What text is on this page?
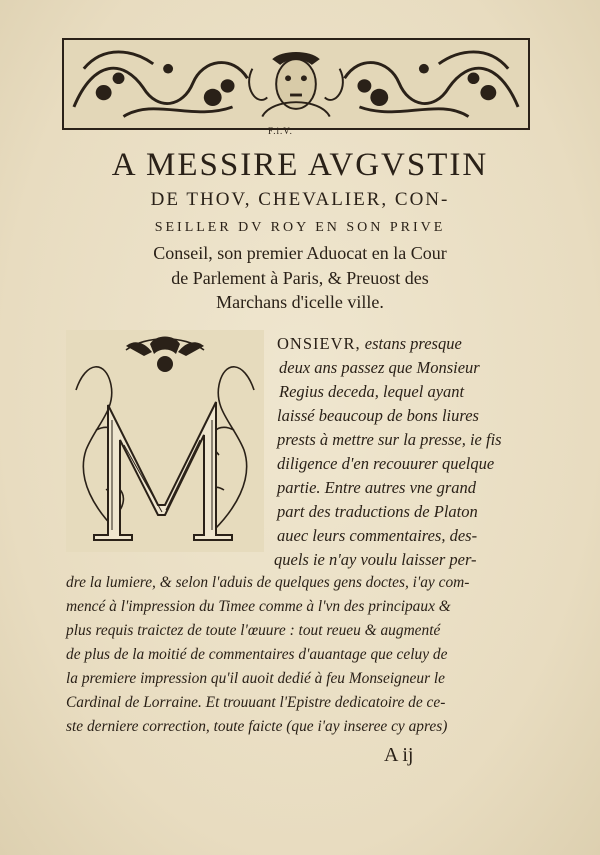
F.i.V.
A MESSIRE AVGVSTIN
DE THOV, CHEVALIER, CON-
SEILLER DV ROY EN SON PRIVE
Conseil, son premier Aduocat en la Cour
de Parlement à Paris, & Preuost des
Marchans d'icelle ville.
ONSIEVR, estans presque
deux ans passez que Monsieur
Regius deceda, lequel ayant
laissé beaucoup de bons liures
prests à mettre sur la presse, ie fis
diligence d'en recouurer quelque
partie. Entre autres vne grand
part des traductions de Platon
auec leurs commentaires, des-
quels ie n'ay voulu laisser per-
dre la lumiere, & selon l'aduis de quelques gens doctes, i'ay com-
mencé à l'impression du Timee comme à l'vn des principaux &
plus requis traictez de toute l'œuure : tout reueu & augmenté
de plus de la moitié de commentaires d'auantage que celuy de
la premiere impression qu'il auoit dedié à feu Monseigneur le
Cardinal de Lorraine. Et trouuant l'Epistre dedicatoire de ce-
ste derniere correction, toute faicte (que i'ay inseree cy apres)
A ij
